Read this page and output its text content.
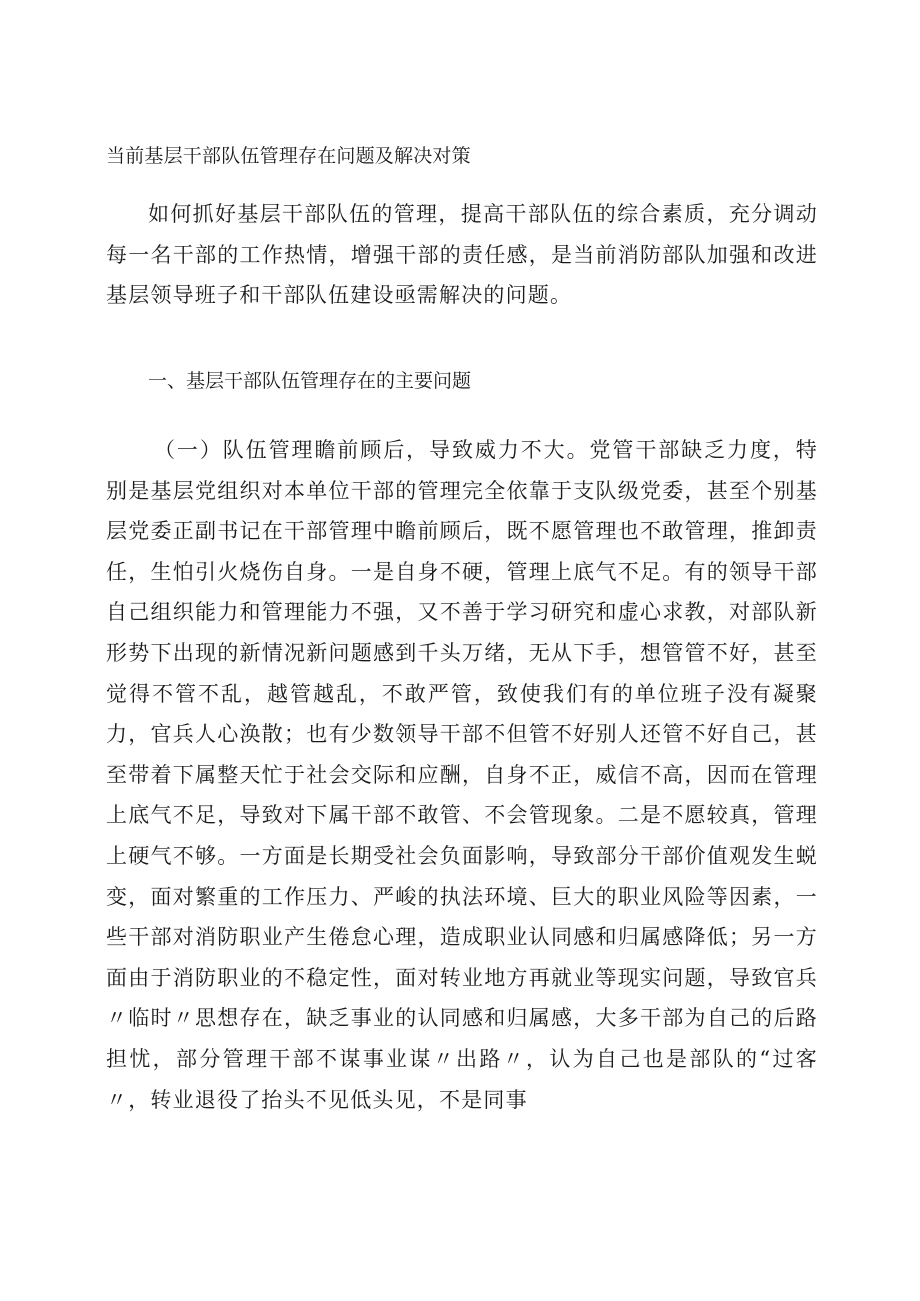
当前基层干部队伍管理存在问题及解决对策

如何抓好基层干部队伍的管理，提高干部队伍的综合素质，充分调动每一名干部的工作热情，增强干部的责任感，是当前消防部队加强和改进基层领导班子和干部队伍建设亟需解决的问题。

一、基层干部队伍管理存在的主要问题

（一）队伍管理瞻前顾后，导致威力不大。党管干部缺乏力度，特别是基层党组织对本单位干部的管理完全依靠于支队级党委，甚至个别基层党委正副书记在干部管理中瞻前顾后，既不愿管理也不敢管理，推卸责任，生怕引火烧伤自身。一是自身不硬，管理上底气不足。有的领导干部自己组织能力和管理能力不强，又不善于学习研究和虚心求教，对部队新形势下出现的新情况新问题感到千头万绪，无从下手，想管管不好，甚至觉得不管不乱，越管越乱，不敢严管，致使我们有的单位班子没有凝聚力，官兵人心涣散；也有少数领导干部不但管不好别人还管不好自己，甚至带着下属整天忙于社会交际和应酬，自身不正，威信不高，因而在管理上底气不足，导致对下属干部不敢管、不会管现象。二是不愿较真，管理上硬气不够。一方面是长期受社会负面影响，导致部分干部价值观发生蜕变，面对繁重的工作压力、严峻的执法环境、巨大的职业风险等因素，一些干部对消防职业产生倦怠心理，造成职业认同感和归属感降低；另一方面由于消防职业的不稳定性，面对转业地方再就业等现实问题，导致官兵〃临时〃思想存在，缺乏事业的认同感和归属感，大多干部为自己的后路担忧，部分管理干部不谋事业谋〃出路〃，认为自己也是部队的“过客〃，转业退役了抬头不见低头见，不是同事
